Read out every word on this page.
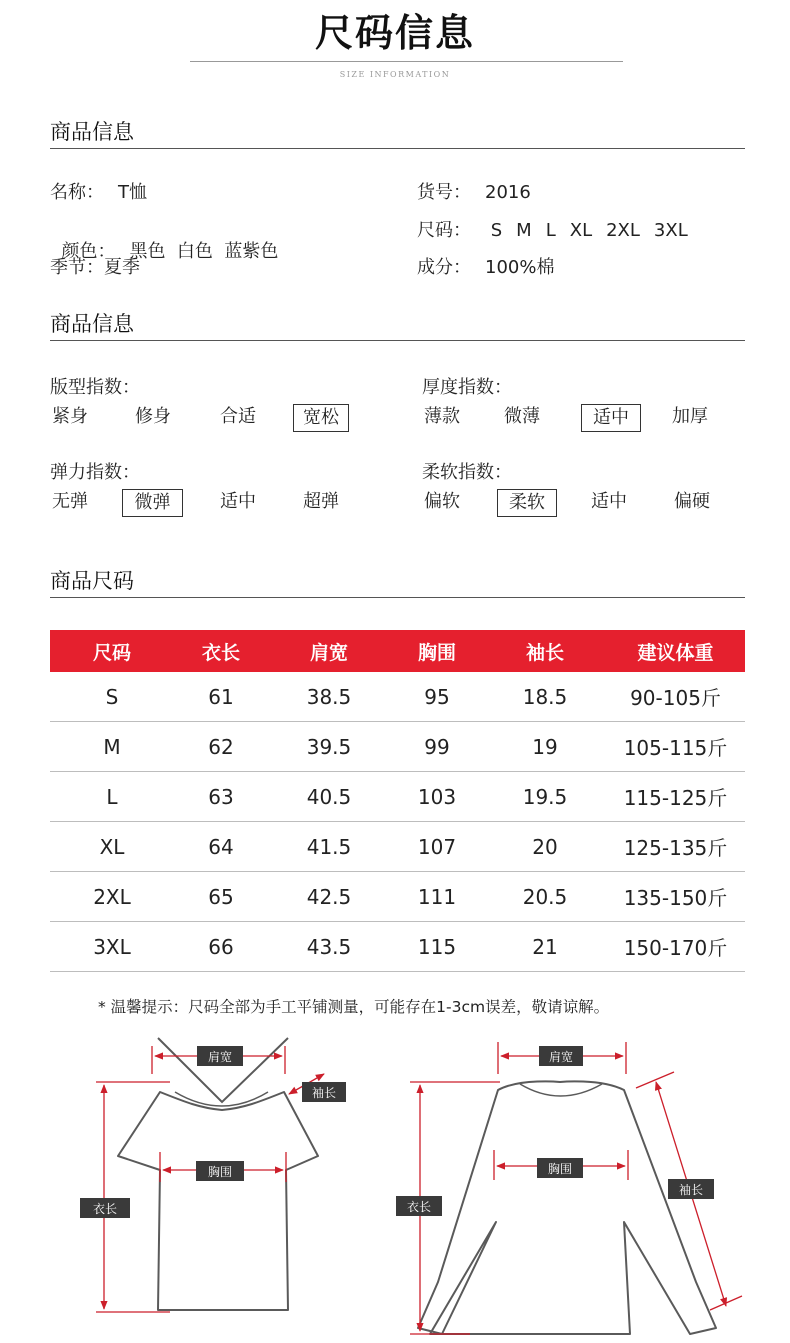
尺码信息
SIZE INFORMATION
商品信息
名称： T恤	货号： 2016

颜色： 黑色  白色  蓝紫色

尺码： S M L XL 2XL 3XL
季节：夏季	成分： 100%棉
商品信息
版型指数：
紧身	修身	合适	宽松
厚度指数：
薄款 微薄	适中	加厚
弹力指数：
无弹	微弹	适中	超弹
柔软指数：
偏软	柔软	适中	偏硬
商品尺码
尺码	衣长	肩宽	胸围	袖长	建议体重
S	61	38.5	95	18.5	90-105斤
M	62	39.5	99	19	105-115斤
L	63	40.5	103	19.5	115-125斤
XL	64	41.5	107	20	125-135斤
2XL	65	42.5	111	20.5	135-150斤
3XL	66	43.5	115	21	150-170斤
* 温馨提示：尺码全部为手工平铺测量，可能存在1-3cm误差，敬请谅解。
肩宽
袖长
胸围
衣长
肩宽
胸围
衣长
袖长
